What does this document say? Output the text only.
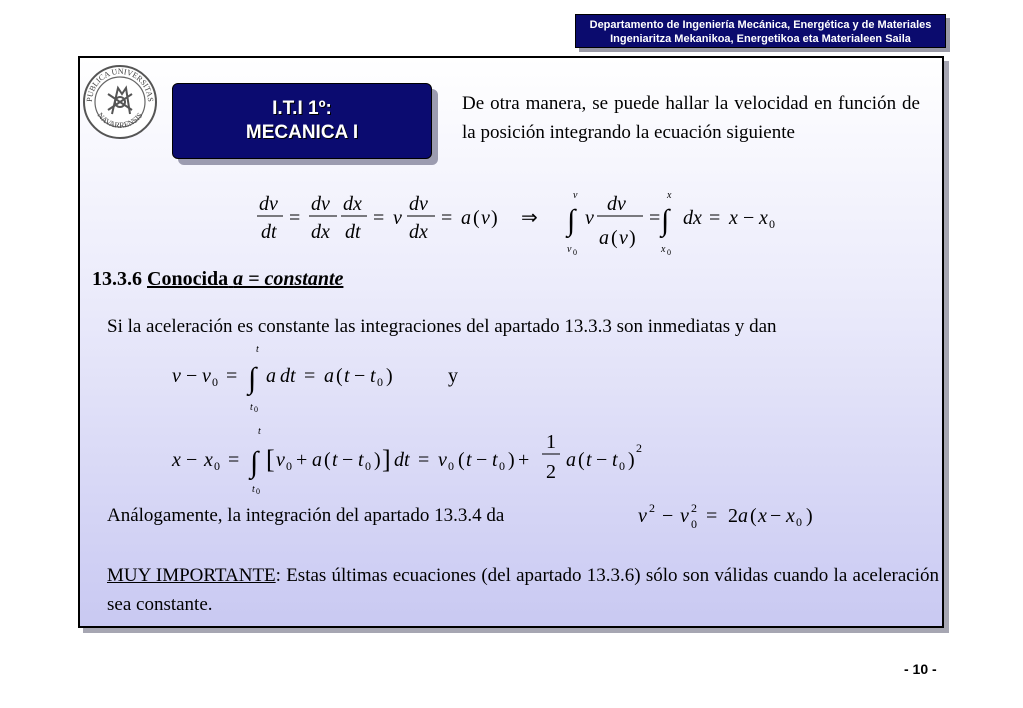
Departamento de Ingeniería Mecánica, Energética y de Materiales
Ingeniaritza Mekanikoa, Energetikoa eta Materialeen Saila
PUBLICA UNIVERSITAS
NAVARRENSIS	I.T.I 1º:
MECANICA I
De otra manera, se puede hallar la velocidad en función de la posición integrando la ecuación siguiente
dv
dt
=
dv
dx
dx
dt
= v
dv
dx
= a ( v ) ⇒ ∫
v
v 0
v
dv
a ( v )
= ∫
x
x 0
dx = x − x 0
13.3.6 Conocida a = constante
Si la aceleración es constante las integraciones del apartado 13.3.3 son inmediatas y dan
v − v 0 = ∫
t
t 0
a dt = a ( t − t 0 )	y
x − x 0 = ∫
t
t 0
[ v 0 + a ( t − t 0 ) ] dt = v 0 ( t − t 0 ) +
1
2
a ( t − t 0 )
2
Análogamente, la integración del apartado 13.3.4 da	v 2 − v 2
0 = 2 a ( x − x 0 )
MUY IMPORTANTE: Estas últimas ecuaciones (del apartado 13.3.6) sólo son válidas cuando la aceleración sea constante.
- 10 -
